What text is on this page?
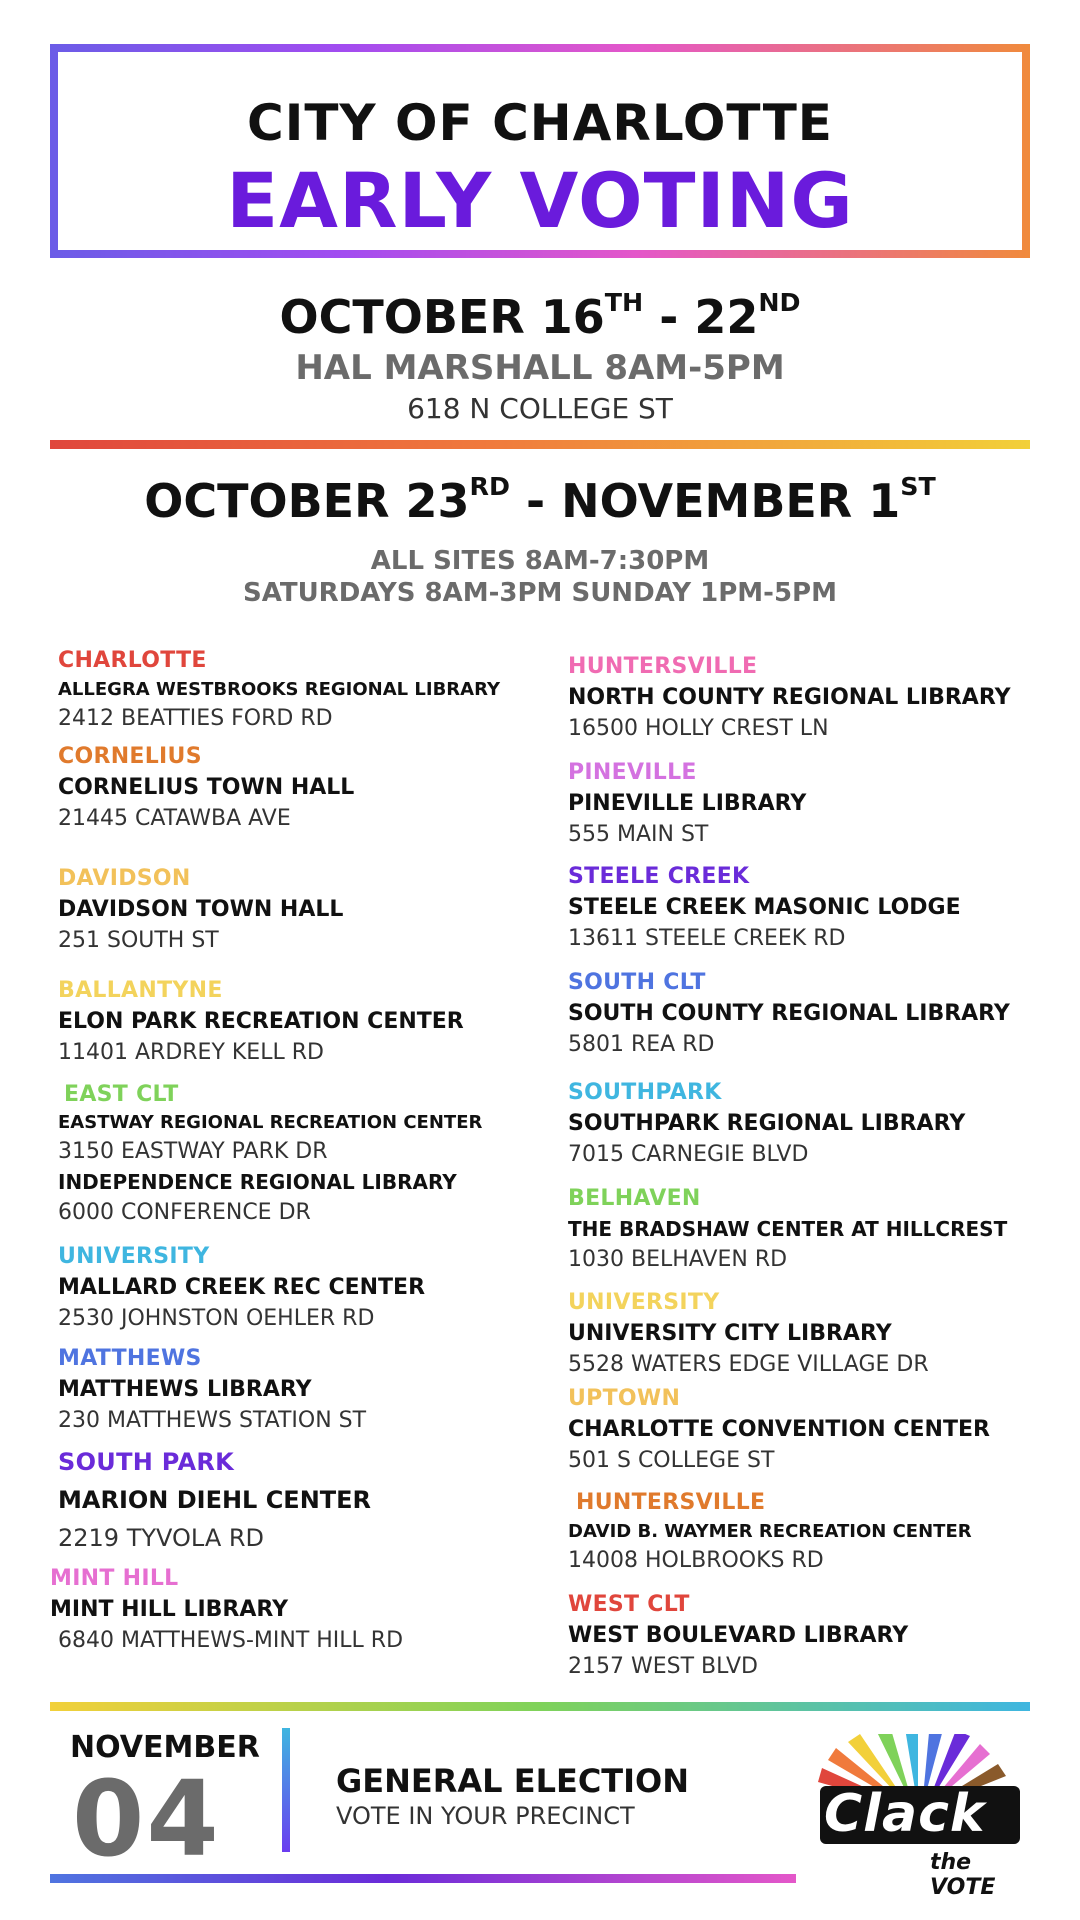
CITY OF CHARLOTTE
EARLY VOTING
OCTOBER 16TH - 22ND
HAL MARSHALL 8AM-5PM
618 N COLLEGE ST
OCTOBER 23RD - NOVEMBER 1ST
ALL SITES 8AM-7:30PM
SATURDAYS 8AM-3PM SUNDAY 1PM-5PM
CHARLOTTE
ALLEGRA WESTBROOKS REGIONAL LIBRARY
2412 BEATTIES FORD RD
CORNELIUS
CORNELIUS TOWN HALL
21445 CATAWBA AVE
DAVIDSON
DAVIDSON TOWN HALL
251 SOUTH ST
BALLANTYNE
ELON PARK RECREATION CENTER
11401 ARDREY KELL RD
EAST CLT
EASTWAY REGIONAL RECREATION CENTER
3150 EASTWAY PARK DR
INDEPENDENCE REGIONAL LIBRARY
6000 CONFERENCE DR
UNIVERSITY
MALLARD CREEK REC CENTER
2530 JOHNSTON OEHLER RD
MATTHEWS
MATTHEWS LIBRARY
230 MATTHEWS STATION ST
SOUTH PARK
MARION DIEHL CENTER
2219 TYVOLA RD
MINT HILL
MINT HILL LIBRARY
6840 MATTHEWS-MINT HILL RD
HUNTERSVILLE
NORTH COUNTY REGIONAL LIBRARY
16500 HOLLY CREST LN
PINEVILLE
PINEVILLE LIBRARY
555 MAIN ST
STEELE CREEK
STEELE CREEK MASONIC LODGE
13611 STEELE CREEK RD
SOUTH CLT
SOUTH COUNTY REGIONAL LIBRARY
5801 REA RD
SOUTHPARK
SOUTHPARK REGIONAL LIBRARY
7015 CARNEGIE BLVD
BELHAVEN
THE BRADSHAW CENTER AT HILLCREST
1030 BELHAVEN RD
UNIVERSITY
UNIVERSITY CITY LIBRARY
5528 WATERS EDGE VILLAGE DR
UPTOWN
CHARLOTTE CONVENTION CENTER
501 S COLLEGE ST
HUNTERSVILLE
DAVID B. WAYMER RECREATION CENTER
14008 HOLBROOKS RD
WEST CLT
WEST BOULEVARD LIBRARY
2157 WEST BLVD
NOVEMBER
04	GENERAL ELECTION
VOTE IN YOUR PRECINCT	Clack
the VOTE
